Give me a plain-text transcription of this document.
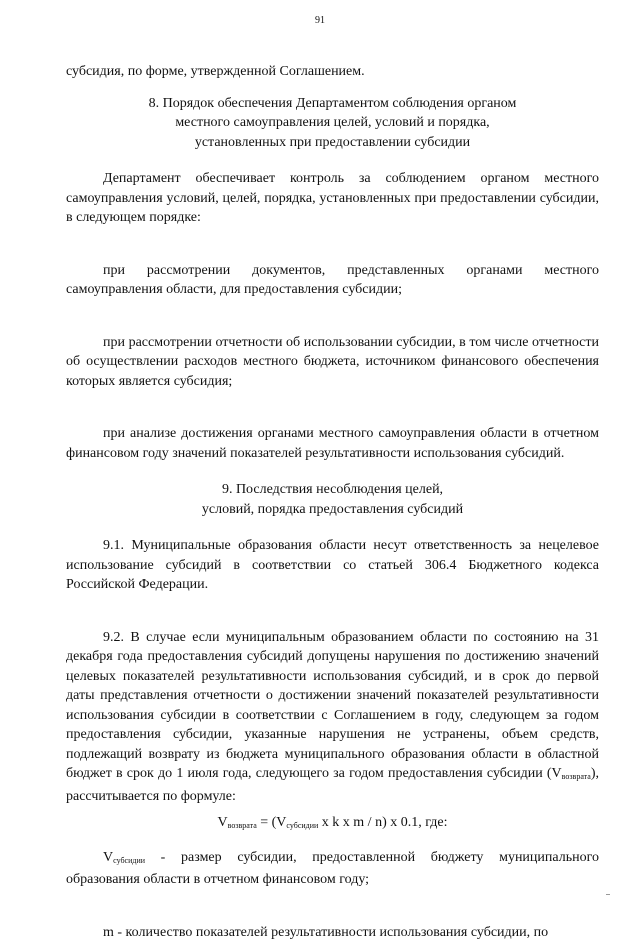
91

субсидия, по форме, утвержденной Соглашением.

8. Порядок обеспечения Департаментом соблюдения органом

местного самоуправления целей, условий и порядка,

установленных при предоставлении субсидии

Департамент обеспечивает контроль за соблюдением органом местного самоуправления условий, целей, порядка, установленных при предоставлении субсидии, в следующем порядке:

при рассмотрении документов, представленных органами местного самоуправления области, для предоставления субсидии;

при рассмотрении отчетности об использовании субсидии, в том числе отчетности об осуществлении расходов местного бюджета, источником финансового обеспечения которых является субсидия;

при анализе достижения органами местного самоуправления области в отчетном финансовом году значений показателей результативности использования субсидий.

9. Последствия несоблюдения целей,

условий, порядка предоставления субсидий

9.1. Муниципальные образования области несут ответственность за нецелевое использование субсидий в соответствии со статьей 306.4 Бюджетного кодекса Российской Федерации.

9.2. В случае если муниципальным образованием области по состоянию на 31 декабря года предоставления субсидий допущены нарушения по достижению значений целевых показателей результативности использования субсидий, и в срок до первой даты представления отчетности о достижении значений показателей результативности использования субсидии в соответствии с Соглашением в году, следующем за годом предоставления субсидии, указанные нарушения не устранены, объем средств, подлежащий возврату из бюджета муниципального образования области в областной бюджет в срок до 1 июля года, следующего за годом предоставления субсидии $(V_{возврата})$, рассчитывается по формуле:

$V_{возврата} = (V_{субсидии}$ x k x m / n) x 0.1, где:

$V_{субсидии}$ - размер субсидии, предоставленной бюджету муниципального образования области в отчетном финансовом году;

m - количество показателей результативности использования субсидии, по
